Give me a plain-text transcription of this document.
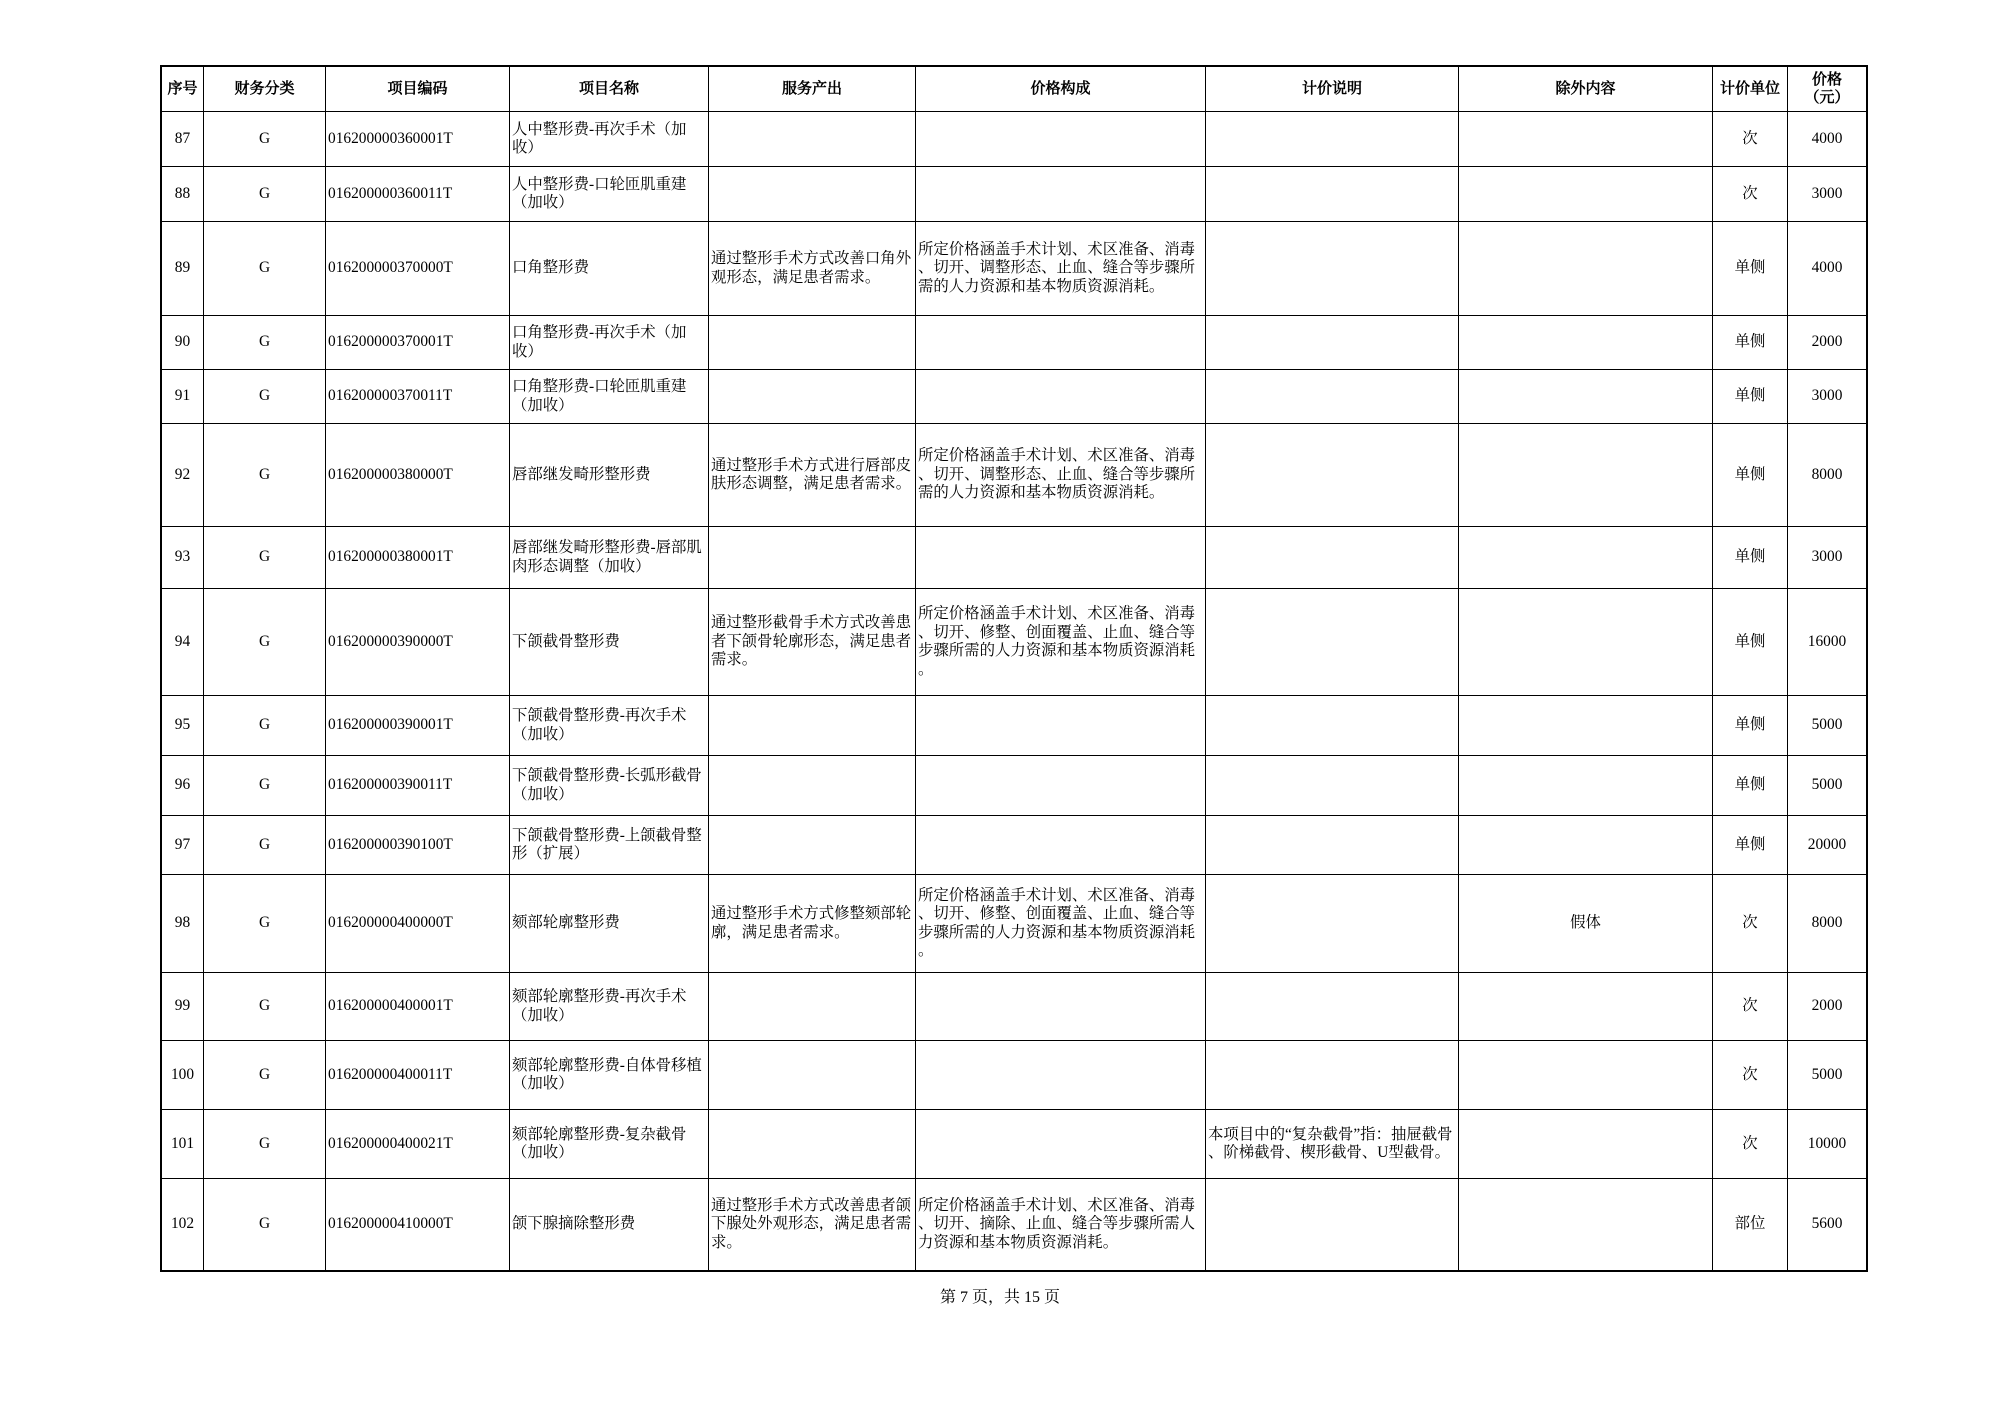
序号	财务分类	项目编码	项目名称	服务产出	价格构成	计价说明	除外内容	计价单位	价格（元）
87	G	016200000360001T	人中整形费-再次手术（加收）					次	4000
88	G	016200000360011T	人中整形费-口轮匝肌重建（加收）					次	3000
89	G	016200000370000T	口角整形费	通过整形手术方式改善口角外观形态，满足患者需求。	所定价格涵盖手术计划、术区准备、消毒、切开、调整形态、止血、缝合等步骤所需的人力资源和基本物质资源消耗。			单侧	4000
90	G	016200000370001T	口角整形费-再次手术（加收）					单侧	2000
91	G	016200000370011T	口角整形费-口轮匝肌重建（加收）					单侧	3000
92	G	016200000380000T	唇部继发畸形整形费	通过整形手术方式进行唇部皮肤形态调整，满足患者需求。	所定价格涵盖手术计划、术区准备、消毒、切开、调整形态、止血、缝合等步骤所需的人力资源和基本物质资源消耗。			单侧	8000
93	G	016200000380001T	唇部继发畸形整形费-唇部肌肉形态调整（加收）					单侧	3000
94	G	016200000390000T	下颌截骨整形费	通过整形截骨手术方式改善患者下颌骨轮廓形态，满足患者需求。	所定价格涵盖手术计划、术区准备、消毒、切开、修整、创面覆盖、止血、缝合等步骤所需的人力资源和基本物质资源消耗。			单侧	16000
95	G	016200000390001T	下颌截骨整形费-再次手术（加收）					单侧	5000
96	G	016200000390011T	下颌截骨整形费-长弧形截骨（加收）					单侧	5000
97	G	016200000390100T	下颌截骨整形费-上颌截骨整形（扩展）					单侧	20000
98	G	016200000400000T	颏部轮廓整形费	通过整形手术方式修整颏部轮廓，满足患者需求。	所定价格涵盖手术计划、术区准备、消毒、切开、修整、创面覆盖、止血、缝合等步骤所需的人力资源和基本物质资源消耗。		假体	次	8000
99	G	016200000400001T	颏部轮廓整形费-再次手术（加收）					次	2000
100	G	016200000400011T	颏部轮廓整形费-自体骨移植（加收）					次	5000
101	G	016200000400021T	颏部轮廓整形费-复杂截骨（加收）			本项目中的“复杂截骨”指：抽屉截骨、阶梯截骨、楔形截骨、U型截骨。		次	10000
102	G	016200000410000T	颌下腺摘除整形费	通过整形手术方式改善患者颌下腺处外观形态，满足患者需求。	所定价格涵盖手术计划、术区准备、消毒、切开、摘除、止血、缝合等步骤所需人力资源和基本物质资源消耗。			部位	5600
第 7 页，共 15 页
